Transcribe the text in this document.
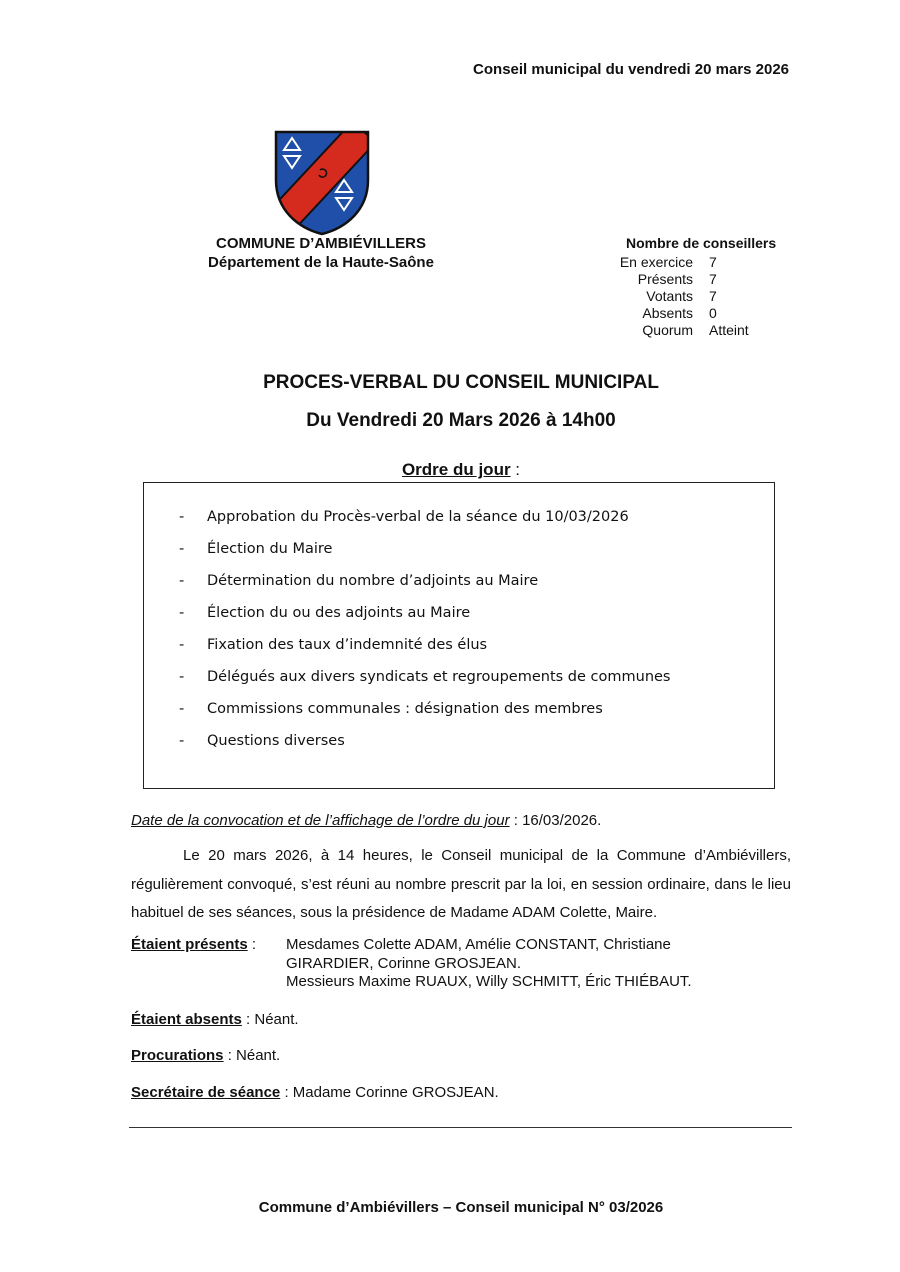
Conseil municipal du vendredi 20 mars 2026
COMMUNE D’AMBIÉVILLERS
Département de la Haute-Saône
Nombre de conseillers
En exercice	7
Présents	7
Votants	7
Absents	0
Quorum	Atteint
PROCES-VERBAL DU CONSEIL MUNICIPAL
Du Vendredi 20 Mars 2026 à 14h00
Ordre du jour :
-	Approbation du Procès-verbal de la séance du 10/03/2026
-	Élection du Maire
-	Détermination du nombre d’adjoints au Maire
-	Élection du ou des adjoints au Maire
-	Fixation des taux d’indemnité des élus
-	Délégués aux divers syndicats et regroupements de communes
-	Commissions communales : désignation des membres
-	Questions diverses
Date de la convocation et de l’affichage de l’ordre du jour : 16/03/2026.
Le 20 mars 2026, à 14 heures, le Conseil municipal de la Commune d’Ambiévillers, régulièrement convoqué, s’est réuni au nombre prescrit par la loi, en session ordinaire, dans le lieu habituel de ses séances, sous la présidence de Madame ADAM Colette, Maire.
Étaient présents : Mesdames Colette ADAM, Amélie CONSTANT, Christiane
GIRARDIER, Corinne GROSJEAN.
Messieurs Maxime RUAUX, Willy SCHMITT, Éric THIÉBAUT.
Étaient absents : Néant.
Procurations : Néant.
Secrétaire de séance : Madame Corinne GROSJEAN.
Commune d’Ambiévillers – Conseil municipal N° 03/2026
